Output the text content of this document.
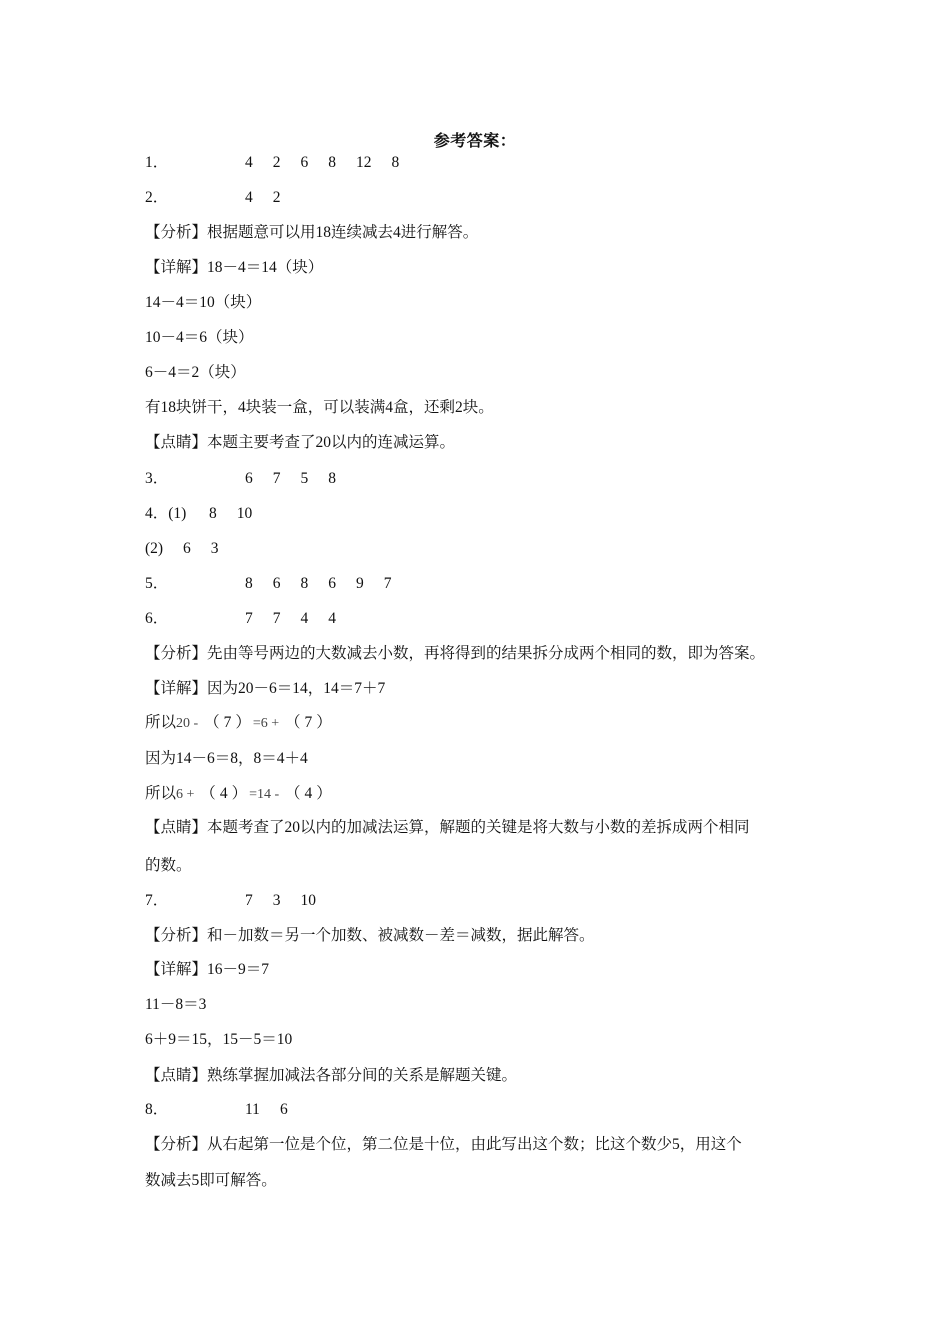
参考答案：
1．	4 2 6 8 12 8
2．	4 2
【分析】根据题意可以用18连续减去4进行解答。
【详解】18－4＝14（块）
14－4＝10（块）
10－4＝6（块）
6－4＝2（块）
有18块饼干，4块装一盒，可以装满4盒，还剩2块。
【点睛】本题主要考查了20以内的连减运算。
3．	6 7 5 8
4．(1) 8 10
(2) 6 3
5．	8 6 8 6 9 7
6．	7 7 4 4
【分析】先由等号两边的大数减去小数，再将得到的结果拆分成两个相同的数，即为答案。
【详解】因为20－6＝14，14＝7＋7
所以20 - （ 7 ） =6 + （ 7 ）
因为14－6＝8，8＝4＋4
所以6 + （ 4 ） =14 - （ 4 ）
【点睛】本题考查了20以内的加减法运算，解题的关键是将大数与小数的差拆成两个相同
的数。
7．	7 3 10
【分析】和－加数＝另一个加数、被减数－差＝减数，据此解答。
【详解】16－9＝7
11－8＝3
6＋9＝15，15－5＝10
【点睛】熟练掌握加减法各部分间的关系是解题关键。
8．	11 6
【分析】从右起第一位是个位，第二位是十位，由此写出这个数；比这个数少5，用这个
数减去5即可解答。
